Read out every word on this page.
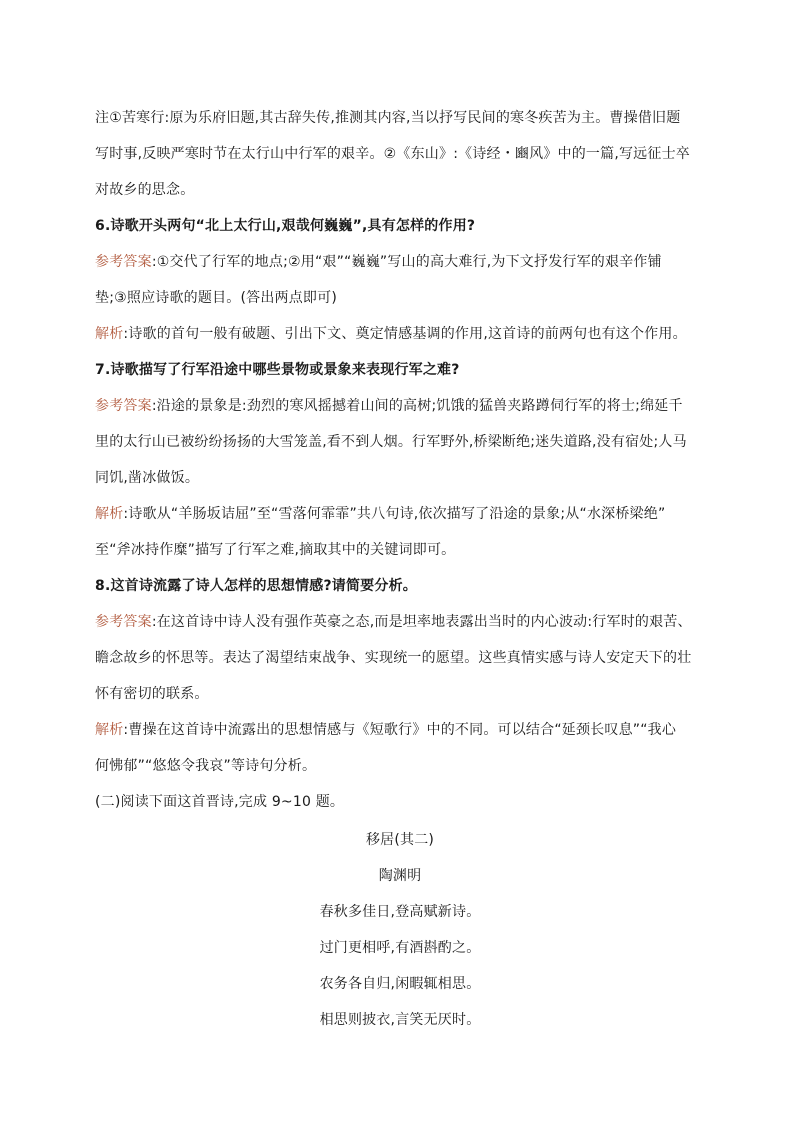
注①苦寒行:原为乐府旧题,其古辞失传,推测其内容,当以抒写民间的寒冬疾苦为主。曹操借旧题
写时事,反映严寒时节在太行山中行军的艰辛。②《东山》:《诗经・豳风》中的一篇,写远征士卒
对故乡的思念。
6.诗歌开头两句“北上太行山,艰哉何巍巍”,具有怎样的作用?
参考答案:①交代了行军的地点;②用“艰”“巍巍”写山的高大难行,为下文抒发行军的艰辛作铺
垫;③照应诗歌的题目。(答出两点即可)
解析:诗歌的首句一般有破题、引出下文、奠定情感基调的作用,这首诗的前两句也有这个作用。
7.诗歌描写了行军沿途中哪些景物或景象来表现行军之难?
参考答案:沿途的景象是:劲烈的寒风摇撼着山间的高树;饥饿的猛兽夹路蹲伺行军的将士;绵延千
里的太行山已被纷纷扬扬的大雪笼盖,看不到人烟。行军野外,桥梁断绝;迷失道路,没有宿处;人马
同饥,凿冰做饭。
解析:诗歌从“羊肠坂诘屈”至“雪落何霏霏”共八句诗,依次描写了沿途的景象;从“水深桥梁绝”
至“斧冰持作糜”描写了行军之难,摘取其中的关键词即可。
8.这首诗流露了诗人怎样的思想情感?请简要分析。
参考答案:在这首诗中诗人没有强作英豪之态,而是坦率地表露出当时的内心波动:行军时的艰苦、
瞻念故乡的怀思等。表达了渴望结束战争、实现统一的愿望。这些真情实感与诗人安定天下的壮
怀有密切的联系。
解析:曹操在这首诗中流露出的思想情感与《短歌行》中的不同。可以结合“延颈长叹息”“我心
何怫郁”“悠悠令我哀”等诗句分析。
(二)阅读下面这首晋诗,完成 9~10 题。
移居(其二)
陶渊明
春秋多佳日,登高赋新诗。
过门更相呼,有酒斟酌之。
农务各自归,闲暇辄相思。
相思则披衣,言笑无厌时。
